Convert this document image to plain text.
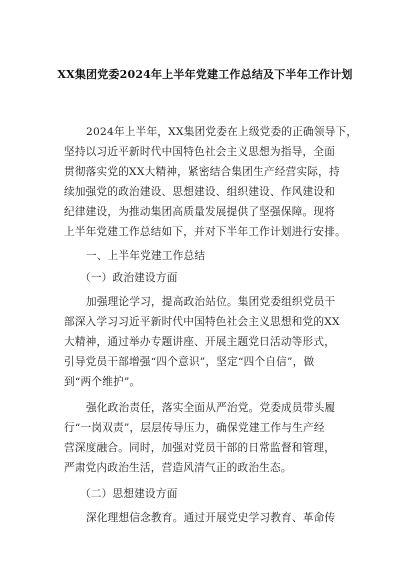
XX集团党委2024年上半年党建工作总结及下半年工作计划
2024年上半年，XX集团党委在上级党委的正确领导下，
坚持以习近平新时代中国特色社会主义思想为指导，全面
贯彻落实党的XX大精神，紧密结合集团生产经营实际，持
续加强党的政治建设、思想建设、组织建设、作风建设和
纪律建设，为推动集团高质量发展提供了坚强保障。现将
上半年党建工作总结如下，并对下半年工作计划进行安排。
一、上半年党建工作总结
（一）政治建设方面
加强理论学习，提高政治站位。集团党委组织党员干
部深入学习习近平新时代中国特色社会主义思想和党的XX
大精神，通过举办专题讲座、开展主题党日活动等形式，
引导党员干部增强“四个意识”，坚定“四个自信”，做
到“两个维护”。
强化政治责任，落实全面从严治党。党委成员带头履
行“一岗双责”，层层传导压力，确保党建工作与生产经
营深度融合。同时，加强对党员干部的日常监督和管理，
严肃党内政治生活，营造风清气正的政治生态。
（二）思想建设方面
深化理想信念教育。通过开展党史学习教育、革命传
